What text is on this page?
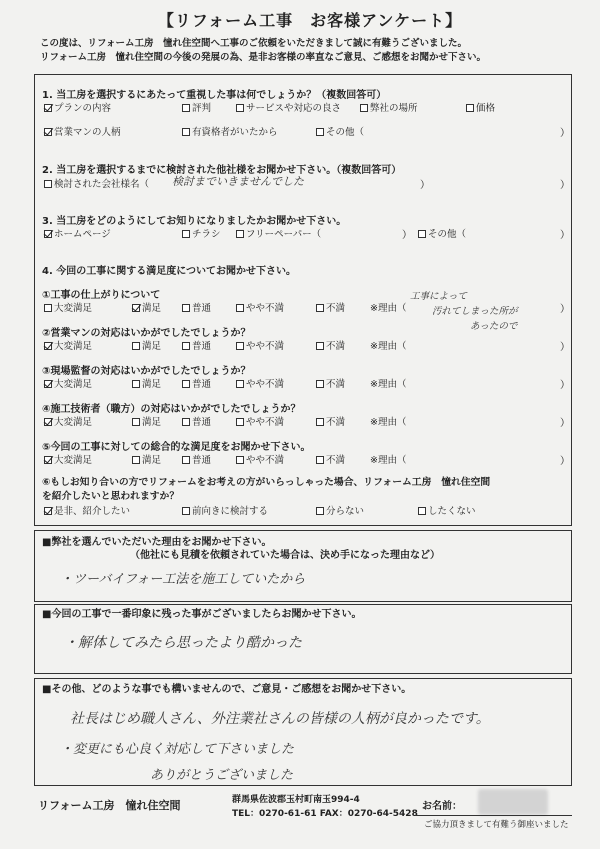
【リフォーム工事　お客様アンケート】
この度は、リフォーム工房　憧れ住空間へ工事のご依頼をいただきまして誠に有難うございました。
リフォーム工房　憧れ住空間の今後の発展の為、是非お客様の率直なご意見、ご感想をお聞かせ下さい。
1. 当工房を選択するにあたって重視した事は何でしょうか？（複数回答可）
プランの内容	評判	サービスや対応の良さ	弊社の場所	価格
営業マンの人柄	有資格者がいたから	その他（	）
2. 当工房を選択するまでに検討された他社様をお聞かせ下さい。（複数回答可）
検討された会社様名（ 検討までいきませんでした	）	）
3. 当工房をどのようにしてお知りになりましたかお聞かせ下さい。
ホームページ	チラシ	フリーペーパー（	）	その他（	）
4. 今回の工事に関する満足度についてお聞かせ下さい。
①工事の仕上がりについて
大変満足	満足	普通	やや不満	不満	※理由（	）
②営業マンの対応はいかがでしたでしょうか？
大変満足	満足	普通	やや不満	不満	※理由（	）
③現場監督の対応はいかがでしたでしょうか？
大変満足	満足	普通	やや不満	不満	※理由（	）
④施工技術者（職方）の対応はいかがでしたでしょうか？
大変満足	満足	普通	やや不満	不満	※理由（	）
⑤今回の工事に対しての総合的な満足度をお聞かせ下さい。
大変満足	満足	普通	やや不満	不満	※理由（	）
工事によって
汚れてしまった所が
あったので
⑥もしお知り合いの方でリフォームをお考えの方がいらっしゃった場合、リフォーム工房　憧れ住空間
を紹介したいと思われますか？
是非、紹介したい	前向きに検討する	分らない	したくない
■弊社を選んでいただいた理由をお聞かせ下さい。
（他社にも見積を依頼されていた場合は、決め手になった理由など）
・ツーバイフォー工法を施工していたから
■今回の工事で一番印象に残った事がございましたらお聞かせ下さい。
・解体してみたら思ったより酷かった
■その他、どのような事でも構いませんので、ご意見・ご感想をお聞かせ下さい。
社長はじめ職人さん、外注業社さんの皆様の人柄が良かったです。
・変更にも心良く対応して下さいました
ありがとうございました
リフォーム工房　憧れ住空間	群馬県佐波郡玉村町南玉994-4
TEL：0270-61-61 FAX：0270-64-5428
お名前：
ご協力頂きまして有難う御座いました
